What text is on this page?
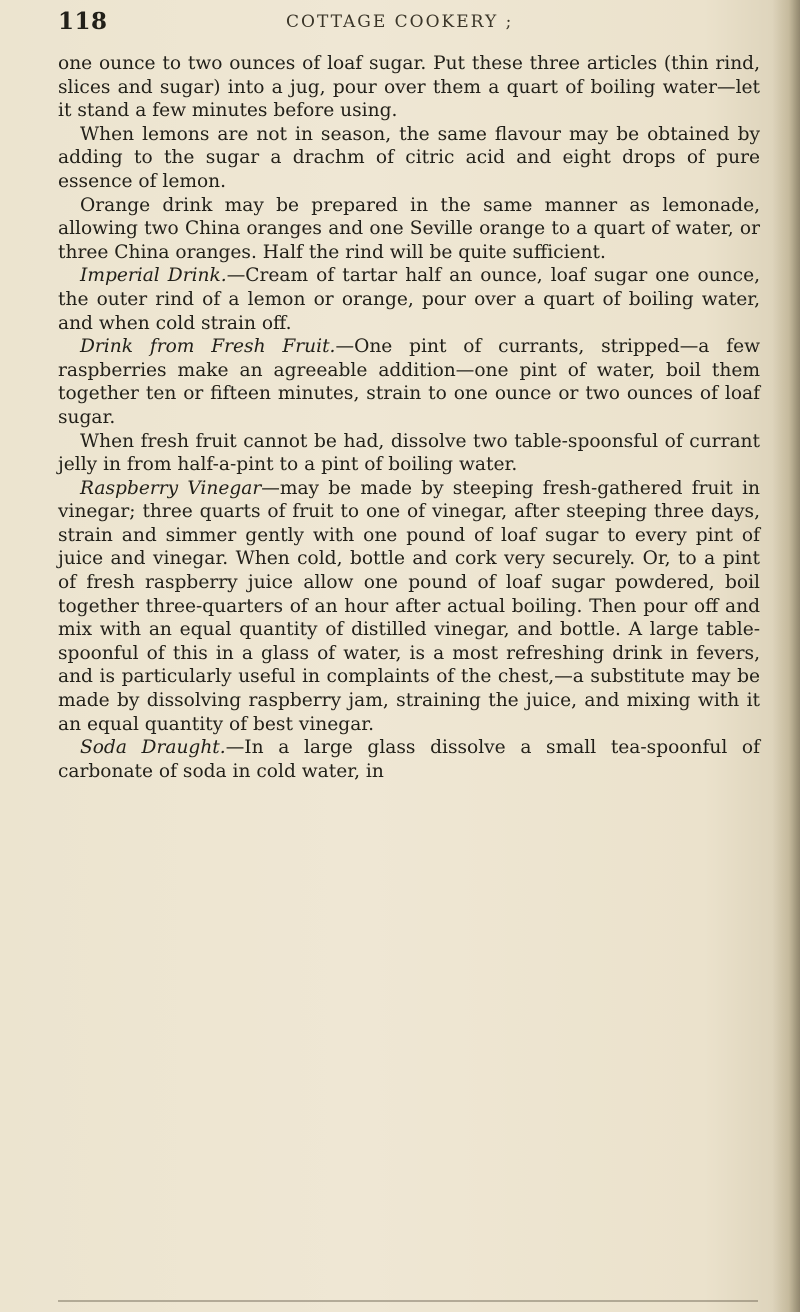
118	COTTAGE COOKERY ;

one ounce to two ounces of loaf sugar. Put these three articles (thin rind, slices and sugar) into a jug, pour over them a quart of boiling water—let it stand a few minutes before using.

When lemons are not in season, the same flavour may be obtained by adding to the sugar a drachm of citric acid and eight drops of pure essence of lemon.

Orange drink may be prepared in the same manner as lemonade, allowing two China oranges and one Seville orange to a quart of water, or three China oranges. Half the rind will be quite sufficient.

Imperial Drink.—Cream of tartar half an ounce, loaf sugar one ounce, the outer rind of a lemon or orange, pour over a quart of boiling water, and when cold strain off.

Drink from Fresh Fruit.—One pint of currants, stripped—a few raspberries make an agreeable addition—one pint of water, boil them together ten or fifteen minutes, strain to one ounce or two ounces of loaf sugar.

When fresh fruit cannot be had, dissolve two table-spoonsful of currant jelly in from half-a-pint to a pint of boiling water.

Raspberry Vinegar—may be made by steeping fresh-gathered fruit in vinegar; three quarts of fruit to one of vinegar, after steeping three days, strain and simmer gently with one pound of loaf sugar to every pint of juice and vinegar. When cold, bottle and cork very securely. Or, to a pint of fresh raspberry juice allow one pound of loaf sugar powdered, boil together three-quarters of an hour after actual boiling. Then pour off and mix with an equal quantity of distilled vinegar, and bottle. A large table-spoonful of this in a glass of water, is a most refreshing drink in fevers, and is particularly useful in complaints of the chest,—a substitute may be made by dissolving raspberry jam, straining the juice, and mixing with it an equal quantity of best vinegar.

Soda Draught.—In a large glass dissolve a small tea-spoonful of carbonate of soda in cold water, in
